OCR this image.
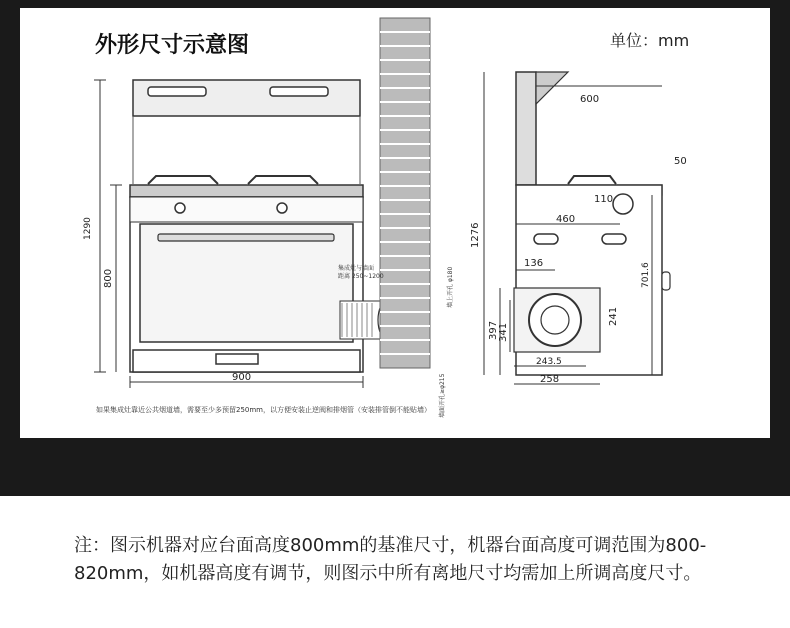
外形尺寸示意图	单位：mm
1290
800
900
集成灶与墙面
距离 250~1200	墙上开孔 φ180
墙面开孔≥φ215
如果集成灶靠近公共烟道墙，需要至少多预留250mm，以方便安装止逆阀和排烟管（安装排管倒不能贴墙）
600
1276
50
110
460
136	701.6
241
397 341
243.5
258
注：图示机器对应台面高度800mm的基准尺寸，机器台面高度可调范围为800-820mm，如机器高度有调节，则图示中所有离地尺寸均需加上所调高度尺寸。
